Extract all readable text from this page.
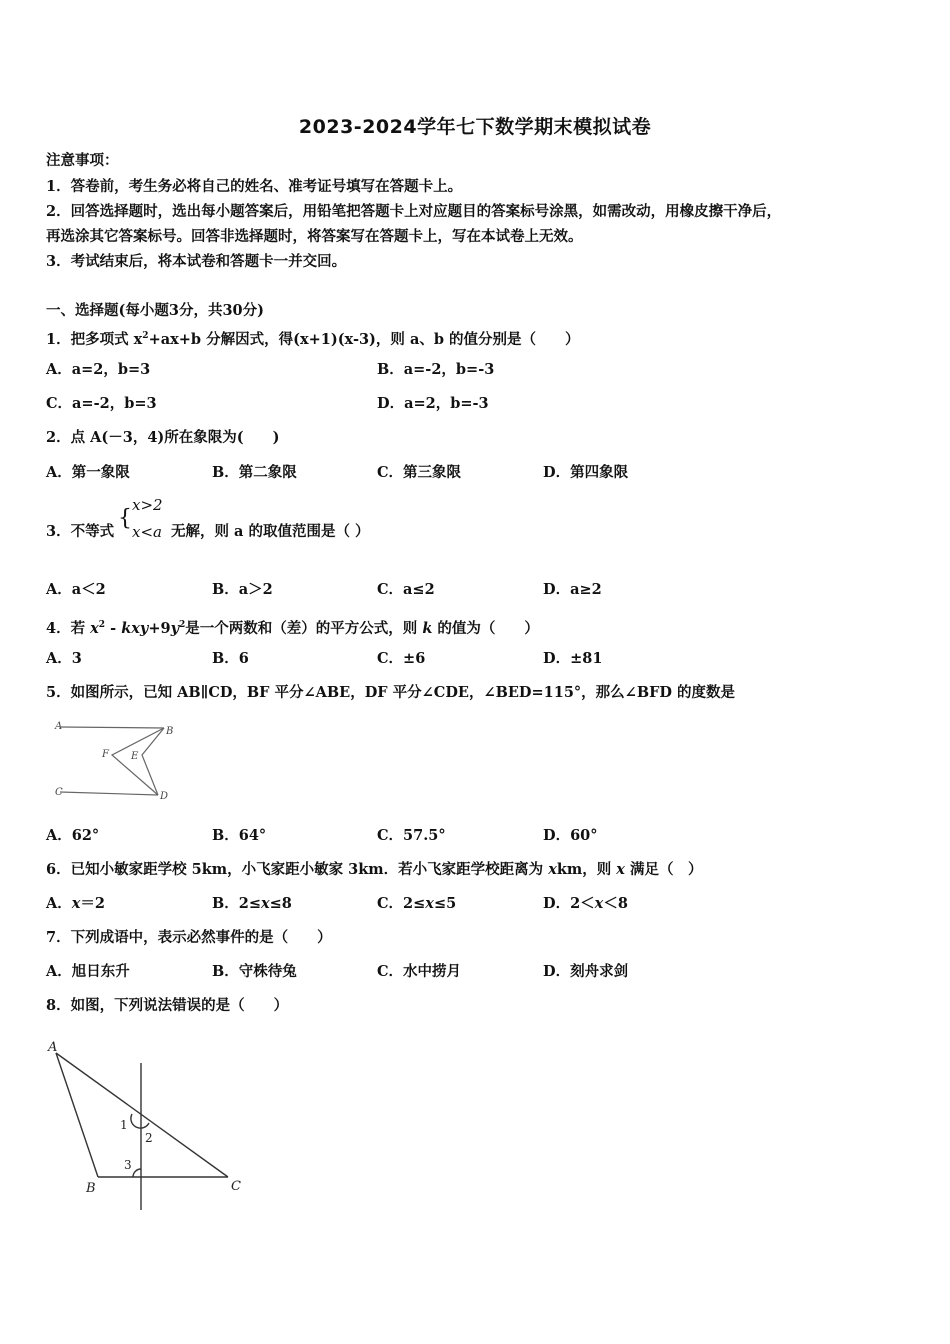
2023-2024学年七下数学期末模拟试卷
注意事项：
1．答卷前，考生务必将自己的姓名、准考证号填写在答题卡上。
2．回答选择题时，选出每小题答案后，用铅笔把答题卡上对应题目的答案标号涂黑，如需改动，用橡皮擦干净后，
再选涂其它答案标号。回答非选择题时，将答案写在答题卡上，写在本试卷上无效。
3．考试结束后，将本试卷和答题卡一并交回。
一、选择题(每小题3分，共30分)
1．把多项式 $x^2+ax+b$ 分解因式，得(x+1)(x-3)，则 a、b 的值分别是（　　）
A．a=2，b=3	B．a=-2，b=-3
C．a=-2，b=3	D．a=2，b=-3
2．点 A(－3，4)所在象限为(　　)
A．第一象限	B．第二象限	C．第三象限	D．第四象限
3．不等式
{
x>2
x<a 无解，则 a 的取值范围是（ ）
A．a＜2	B．a＞2	C．a≤2	D．a≥2
4．若 $x^2 - kxy+9y^2$是一个两数和（差）的平方公式，则 k 的值为（　　）
A．3	B．6	C．±6	D．±81
5．如图所示，已知 AB∥CD，BF 平分∠ABE，DF 平分∠CDE，∠BED=115°，那么∠BFD 的度数是
A	B
C	D
E
F
A．62°	B．64°	C．57.5°	D．60°
6．已知小敏家距学校 5km，小飞家距小敏家 3km．若小飞家距学校距离为 xkm，则 x 满足（　）
A．x＝2	B．2≤x≤8	C．2≤x≤5	D．2＜x＜8
7．下列成语中，表示必然事件的是（　　）
A．旭日东升	B．守株待兔	C．水中捞月	D．刻舟求剑
8．如图，下列说法错误的是（　　）
A
B	C
1
2
3
